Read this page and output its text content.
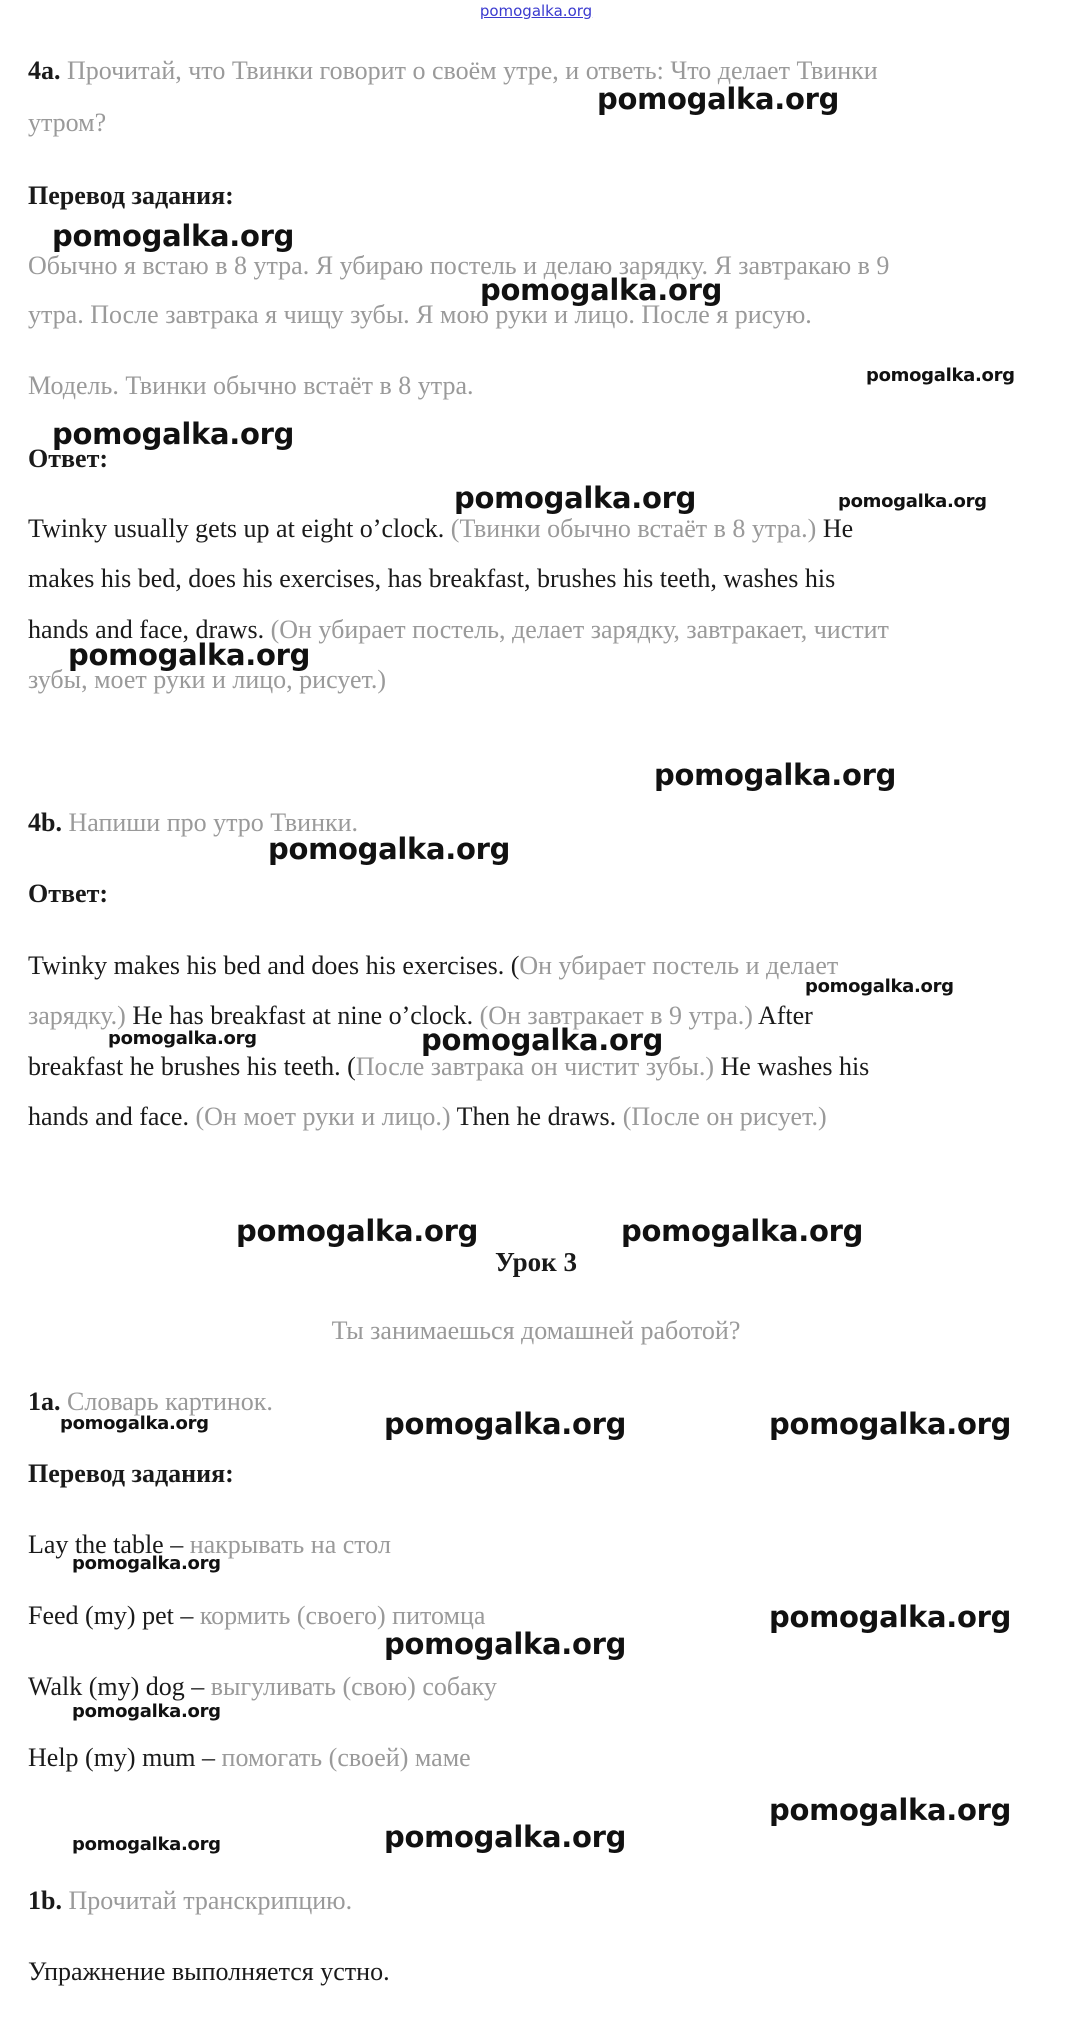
pomogalka.org
4a. Прочитай, что Твинки говорит о своём утре, и ответь: Что делает Твинки
утром?
Перевод задания:
Обычно я встаю в 8 утра. Я убираю постель и делаю зарядку. Я завтракаю в 9
утра. После завтрака я чищу зубы. Я мою руки и лицо. После я рисую.
Модель. Твинки обычно встаёт в 8 утра.
Ответ:
Twinky usually gets up at eight o’clock. (Твинки обычно встаёт в 8 утра.) He
makes his bed, does his exercises, has breakfast, brushes his teeth, washes his
hands and face, draws. (Он убирает постель, делает зарядку, завтракает, чистит
зубы, моет руки и лицо, рисует.)
4b. Напиши про утро Твинки.
Ответ:
Twinky makes his bed and does his exercises. (Он убирает постель и делает
зарядку.) He has breakfast at nine o’clock. (Он завтракает в 9 утра.) After
breakfast he brushes his teeth. (После завтрака он чистит зубы.) He washes his
hands and face. (Он моет руки и лицо.) Then he draws. (После он рисует.)
Урок 3
Ты занимаешься домашней работой?
1a. Словарь картинок.
Перевод задания:
Lay the table – накрывать на стол
Feed (my) pet – кормить (своего) питомца
Walk (my) dog – выгуливать (свою) собаку
Help (my) mum – помогать (своей) маме
1b. Прочитай транскрипцию.
Упражнение выполняется устно.
pomogalka.org
pomogalka.org
pomogalka.org
pomogalka.org
pomogalka.org
pomogalka.org	pomogalka.org
pomogalka.org
pomogalka.org
pomogalka.org
pomogalka.org
pomogalka.org	pomogalka.org
pomogalka.org	pomogalka.org
pomogalka.org	pomogalka.org	pomogalka.org
pomogalka.org
pomogalka.org
pomogalka.org
pomogalka.org
pomogalka.org
pomogalka.org	pomogalka.org
